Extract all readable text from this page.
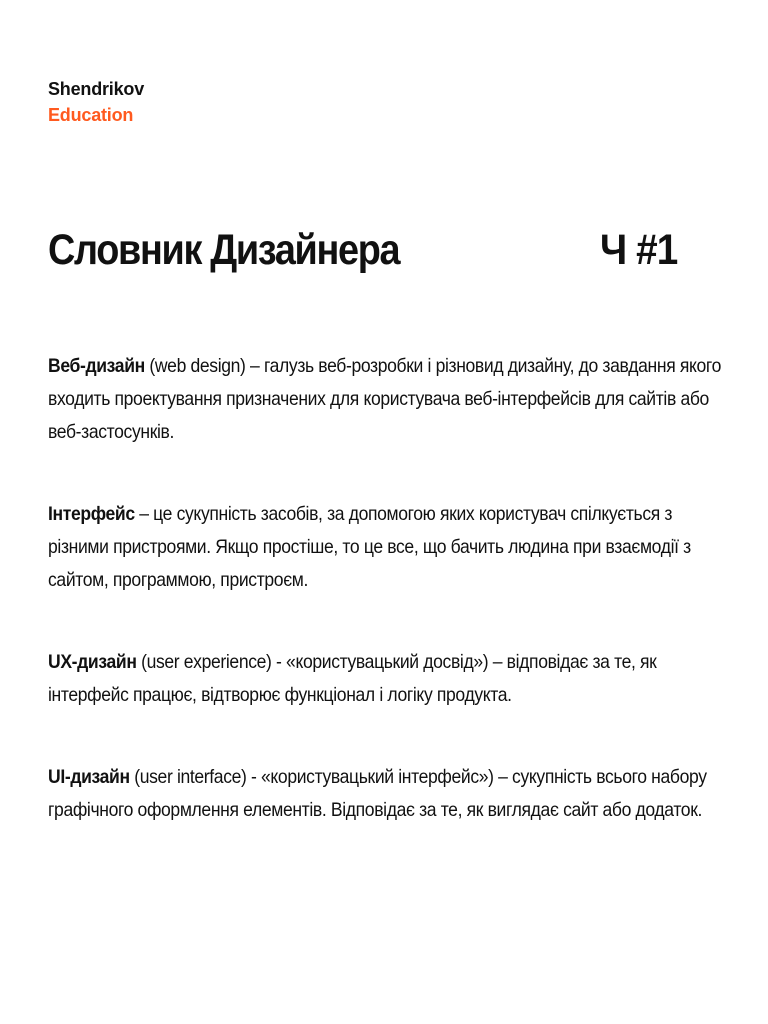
Shendrikov
Education
Словник Дизайнера	Ч #1

Веб-дизайн (web design) – галузь веб-розробки і різновид дизайну, до завдання якого входить проектування призначених для користувача веб-інтерфейсів для сайтів або веб-застосунків.

Інтерфейс – це сукупність засобів, за допомогою яких користувач спілкується з різними пристроями. Якщо простіше, то це все, що бачить людина при взаємодії з сайтом, программою, пристроєм.

UX-дизайн (user experience) - «користувацький досвід») – відповідає за те, як інтерфейс працює, відтворює функціонал і логіку продукта.

UI-дизайн (user interface) - «користувацький інтерфейс») – сукупність всього набору графічного оформлення елементів. Відповідає за те, як виглядає сайт або додаток.
